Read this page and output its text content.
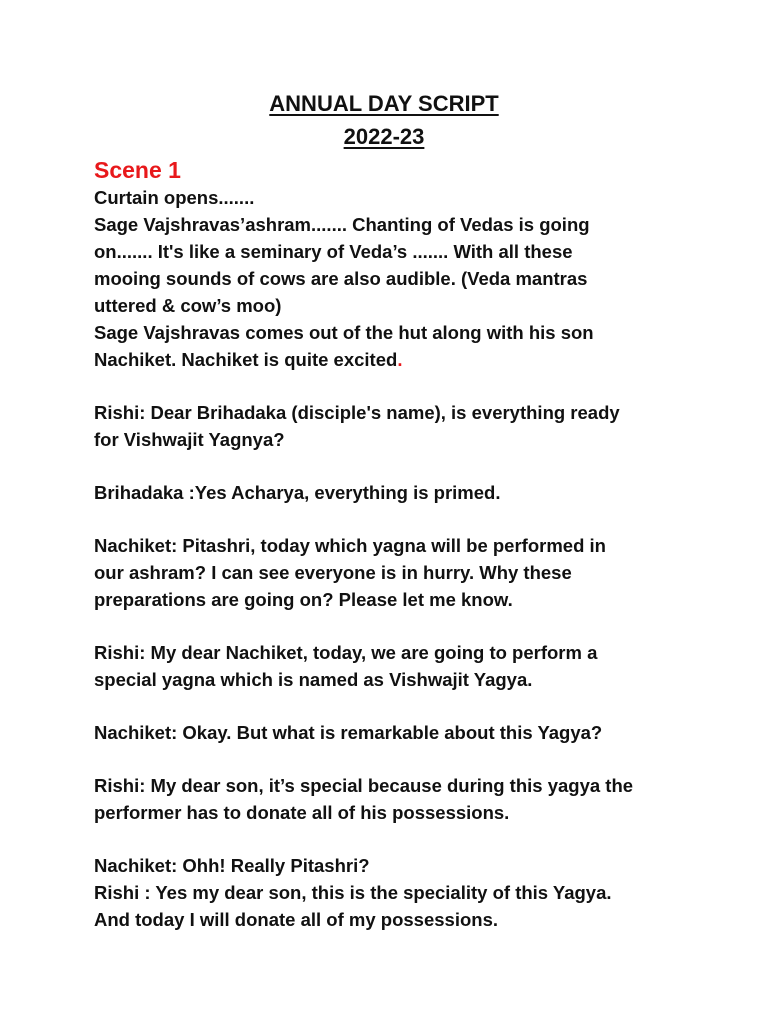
ANNUAL DAY SCRIPT
2022-23
Scene 1
Curtain opens.......
Sage Vajshravas’ashram....... Chanting of Vedas is going
on....... It's like a seminary of Veda’s ....... With all these
mooing sounds of cows are also audible. (Veda mantras
uttered & cow’s moo)
Sage Vajshravas comes out of the hut along with his son
Nachiket. Nachiket is quite excited.
Rishi: Dear Brihadaka (disciple's name), is everything ready
for Vishwajit Yagnya?
Brihadaka :Yes Acharya, everything is primed.
Nachiket: Pitashri, today which yagna will be performed in
our ashram? I can see everyone is in hurry. Why these
preparations are going on? Please let me know.
Rishi: My dear Nachiket, today, we are going to perform a
special yagna which is named as Vishwajit Yagya.
Nachiket: Okay. But what is remarkable about this Yagya?
Rishi: My dear son, it’s special because during this yagya the
performer has to donate all of his possessions.
Nachiket: Ohh! Really Pitashri?
Rishi : Yes my dear son, this is the speciality of this Yagya.
And today I will donate all of my possessions.
